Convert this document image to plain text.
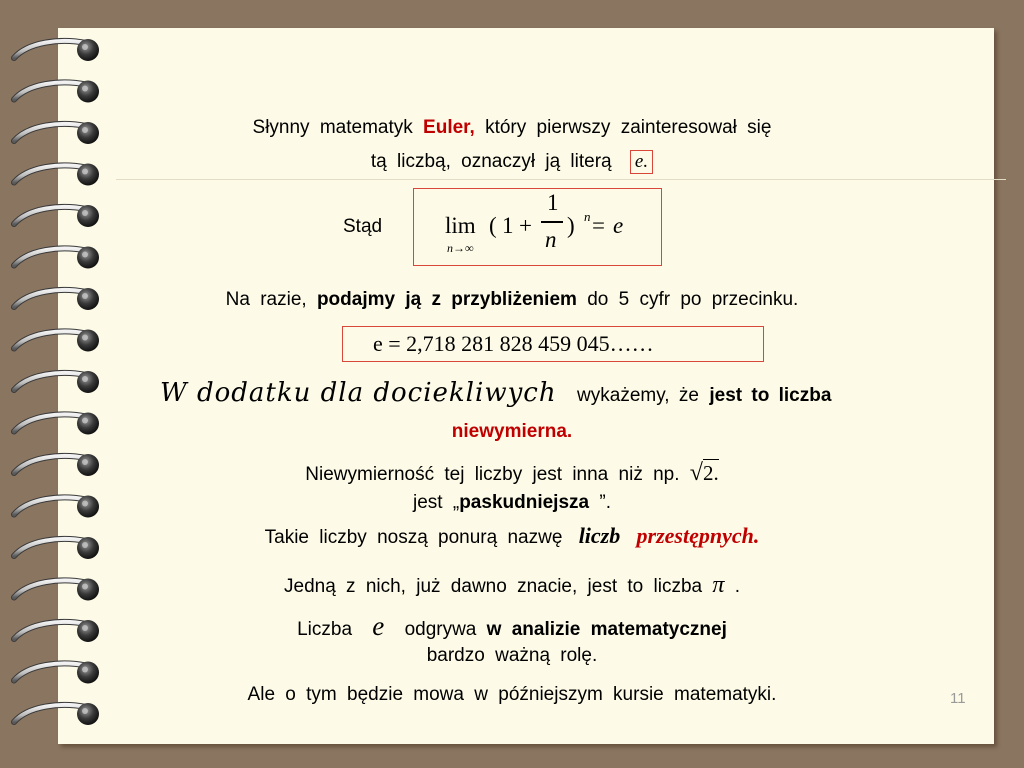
Słynny matematyk Euler, który pierwszy zainteresował się
tą liczbą, oznaczył ją literą e.
Stąd	lim
n→∞
( 1 +
1
n
) n = e
Na razie, podajmy ją z przybliżeniem do 5 cyfr po przecinku.
e = 2,718 281 828 459 045……
W dodatku dla dociekliwych wykażemy, że jest to liczba
niewymierna.
Niewymierność tej liczby jest inna niż np. √2.
jest „paskudniejsza ”.
Takie liczby noszą ponurą nazwę liczb przestępnych.
Jedną z nich, już dawno znacie, jest to liczba π .
Liczba e odgrywa w analizie matematycznej
bardzo ważną rolę.
Ale o tym będzie mowa w późniejszym kursie matematyki.	11
